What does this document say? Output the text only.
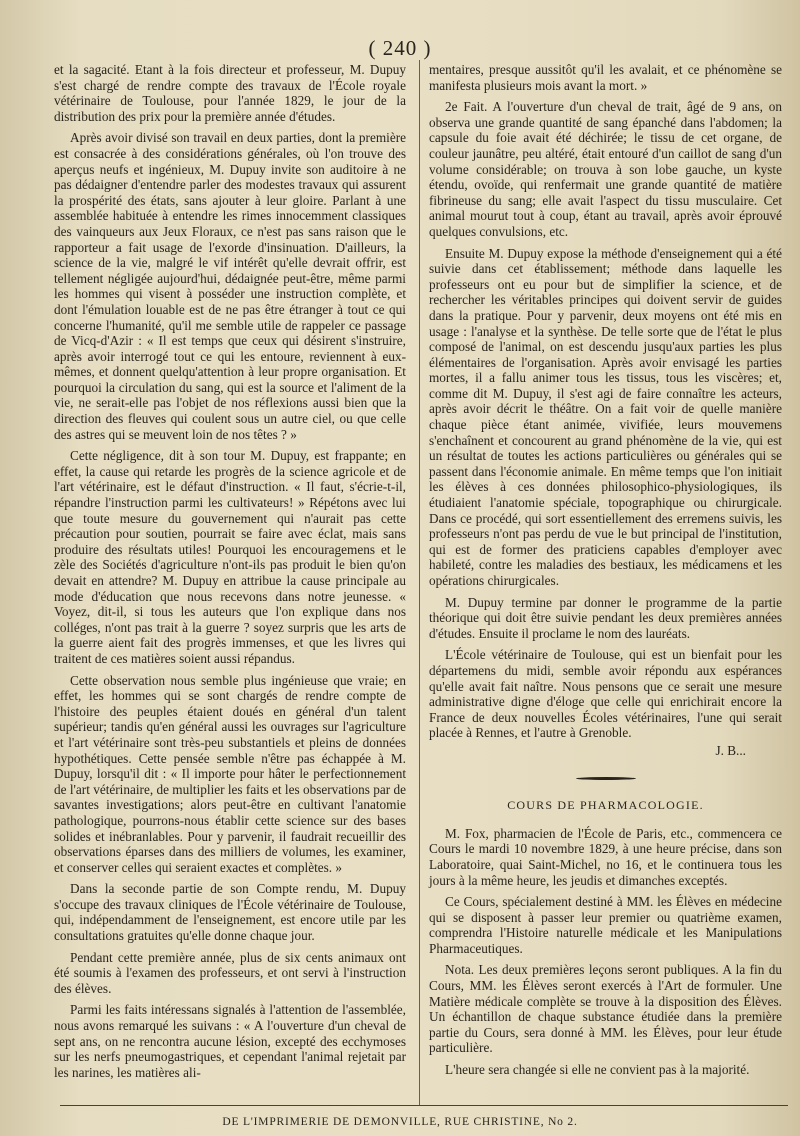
( 240 )

et la sagacité. Etant à la fois directeur et professeur, M. Dupuy s'est chargé de rendre compte des travaux de l'École royale vétérinaire de Toulouse, pour l'année 1829, le jour de la distribution des prix pour la première année d'études.

Après avoir divisé son travail en deux parties, dont la première est consacrée à des considérations générales, où l'on trouve des aperçus neufs et ingénieux, M. Dupuy invite son auditoire à ne pas dédaigner d'entendre parler des modestes travaux qui assurent la prospérité des états, sans ajouter à leur gloire. Parlant à une assemblée habituée à entendre les rimes innocemment classiques des vainqueurs aux Jeux Floraux, ce n'est pas sans raison que le rapporteur a fait usage de l'exorde d'insinuation. D'ailleurs, la science de la vie, malgré le vif intérêt qu'elle devrait offrir, est tellement négligée aujourd'hui, dédaignée peut-être, même parmi les hommes qui visent à posséder une instruction complète, et dont l'émulation louable est de ne pas être étranger à tout ce qui concerne l'humanité, qu'il me semble utile de rappeler ce passage de Vicq-d'Azir : « Il est temps que ceux qui désirent s'instruire, après avoir interrogé tout ce qui les entoure, reviennent à eux-mêmes, et donnent quelqu'attention à leur propre organisation. Et pourquoi la circulation du sang, qui est la source et l'aliment de la vie, ne serait-elle pas l'objet de nos réflexions aussi bien que la direction des fleuves qui coulent sous un autre ciel, ou que celle des astres qui se meuvent loin de nos têtes ? »

Cette négligence, dit à son tour M. Dupuy, est frappante; en effet, la cause qui retarde les progrès de la science agricole et de l'art vétérinaire, est le défaut d'instruction. « Il faut, s'écrie-t-il, répandre l'instruction parmi les cultivateurs! » Répétons avec lui que toute mesure du gouvernement qui n'aurait pas cette précaution pour soutien, pourrait se faire avec éclat, mais sans produire des résultats utiles! Pourquoi les encouragemens et le zèle des Sociétés d'agriculture n'ont-ils pas produit le bien qu'on devait en attendre? M. Dupuy en attribue la cause principale au mode d'éducation que nous recevons dans notre jeunesse. « Voyez, dit-il, si tous les auteurs que l'on explique dans nos colléges, n'ont pas trait à la guerre ? soyez surpris que les arts de la guerre aient fait des progrès immenses, et que les livres qui traitent de ces matières soient aussi répandus.

Cette observation nous semble plus ingénieuse que vraie; en effet, les hommes qui se sont chargés de rendre compte de l'histoire des peuples étaient doués en général d'un talent supérieur; tandis qu'en général aussi les ouvrages sur l'agriculture et l'art vétérinaire sont très-peu substantiels et pleins de données hypothétiques. Cette pensée semble n'être pas échappée à M. Dupuy, lorsqu'il dit : « Il importe pour hâter le perfectionnement de l'art vétérinaire, de multiplier les faits et les observations par de savantes investigations; alors peut-être en cultivant l'anatomie pathologique, pourrons-nous établir cette science sur des bases solides et inébranlables. Pour y parvenir, il faudrait recueillir des observations éparses dans des milliers de volumes, les examiner, et conserver celles qui seraient exactes et complètes. »

Dans la seconde partie de son Compte rendu, M. Dupuy s'occupe des travaux cliniques de l'École vétérinaire de Toulouse, qui, indépendamment de l'enseignement, est encore utile par les consultations gratuites qu'elle donne chaque jour.

Pendant cette première année, plus de six cents animaux ont été soumis à l'examen des professeurs, et ont servi à l'instruction des élèves.

Parmi les faits intéressans signalés à l'attention de l'assemblée, nous avons remarqué les suivans : « A l'ouverture d'un cheval de sept ans, on ne rencontra aucune lésion, excepté des ecchymoses sur les nerfs pneumogastriques, et cependant l'animal rejetait par les narines, les matières ali-

mentaires, presque aussitôt qu'il les avalait, et ce phénomène se manifesta plusieurs mois avant la mort. »

2e Fait. A l'ouverture d'un cheval de trait, âgé de 9 ans, on observa une grande quantité de sang épanché dans l'abdomen; la capsule du foie avait été déchirée; le tissu de cet organe, de couleur jaunâtre, peu altéré, était entouré d'un caillot de sang d'un volume considérable; on trouva à son lobe gauche, un kyste étendu, ovoïde, qui renfermait une grande quantité de matière fibrineuse du sang; elle avait l'aspect du tissu musculaire. Cet animal mourut tout à coup, étant au travail, après avoir éprouvé quelques convulsions, etc.

Ensuite M. Dupuy expose la méthode d'enseignement qui a été suivie dans cet établissement; méthode dans laquelle les professeurs ont eu pour but de simplifier la science, et de rechercher les véritables principes qui doivent servir de guides dans la pratique. Pour y parvenir, deux moyens ont été mis en usage : l'analyse et la synthèse. De telle sorte que de l'état le plus composé de l'animal, on est descendu jusqu'aux parties les plus élémentaires de l'organisation. Après avoir envisagé les parties mortes, il a fallu animer tous les tissus, tous les viscères; et, comme dit M. Dupuy, il s'est agi de faire connaître les acteurs, après avoir décrit le théâtre. On a fait voir de quelle manière chaque pièce étant animée, vivifiée, leurs mouvemens s'enchaînent et concourent au grand phénomène de la vie, qui est un résultat de toutes les actions particulières ou générales qui se passent dans l'économie animale. En même temps que l'on initiait les élèves à ces données philosophico-physiologiques, ils étudiaient l'anatomie spéciale, topographique ou chirurgicale. Dans ce procédé, qui sort essentiellement des erremens suivis, les professeurs n'ont pas perdu de vue le but principal de l'institution, qui est de former des praticiens capables d'employer avec habileté, contre les maladies des bestiaux, les médicamens et les opérations chirurgicales.

M. Dupuy termine par donner le programme de la partie théorique qui doit être suivie pendant les deux premières années d'études. Ensuite il proclame le nom des lauréats.

L'École vétérinaire de Toulouse, qui est un bienfait pour les départemens du midi, semble avoir répondu aux espérances qu'elle avait fait naître. Nous pensons que ce serait une mesure administrative digne d'éloge que celle qui enrichirait encore la France de deux nouvelles Écoles vétérinaires, l'une qui serait placée à Rennes, et l'autre à Grenoble.

J. B...
COURS DE PHARMACOLOGIE.

M. Fox, pharmacien de l'École de Paris, etc., commencera ce Cours le mardi 10 novembre 1829, à une heure précise, dans son Laboratoire, quai Saint-Michel, no 16, et le continuera tous les jours à la même heure, les jeudis et dimanches exceptés.

Ce Cours, spécialement destiné à MM. les Élèves en médecine qui se disposent à passer leur premier ou quatrième examen, comprendra l'Histoire naturelle médicale et les Manipulations Pharmaceutiques.

Nota. Les deux premières leçons seront publiques. A la fin du Cours, MM. les Élèves seront exercés à l'Art de formuler. Une Matière médicale complète se trouve à la disposition des Élèves. Un échantillon de chaque substance étudiée dans la première partie du Cours, sera donné à MM. les Élèves, pour leur étude particulière.

L'heure sera changée si elle ne convient pas à la majorité.

DE L'IMPRIMERIE DE DEMONVILLE, RUE CHRISTINE, No 2.
